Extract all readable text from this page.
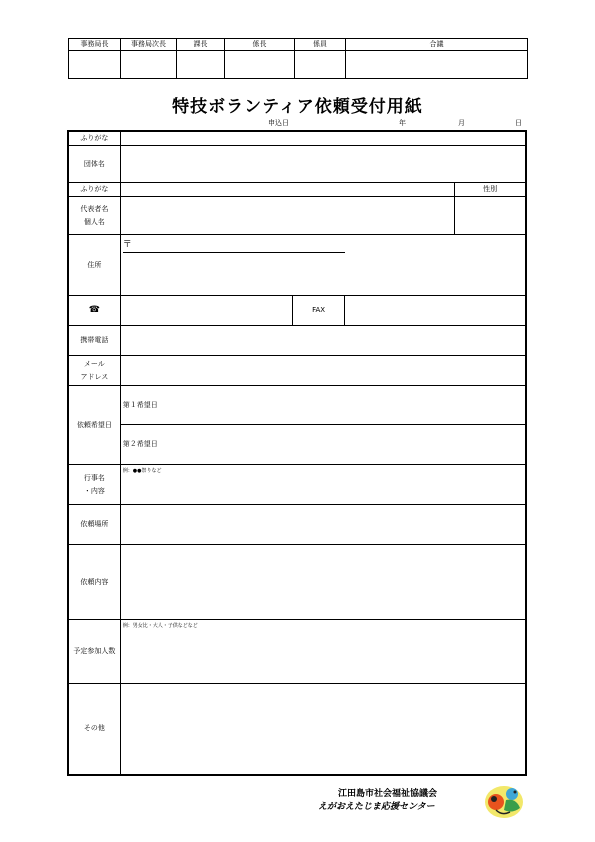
事務局長	事務局次長	課長	係長	係員	合議

特技ボランティア依頼受付用紙
申込日	年	月	日
ふりがな				
団体名				
ふりがな				性別
代表者名
個人名				
住所	〒			

☎		FAX		
携帯電話				
メール
アドレス				
依頼希望日	第１希望日
第２希望日			

行事名
・内容	例：●●祭りなど			

依頼場所				
依頼内容				
予定参加人数	例：男女比・大人・子供などなど			

その他				
江田島市社会福祉協議会
えがおえたじま応援センター
